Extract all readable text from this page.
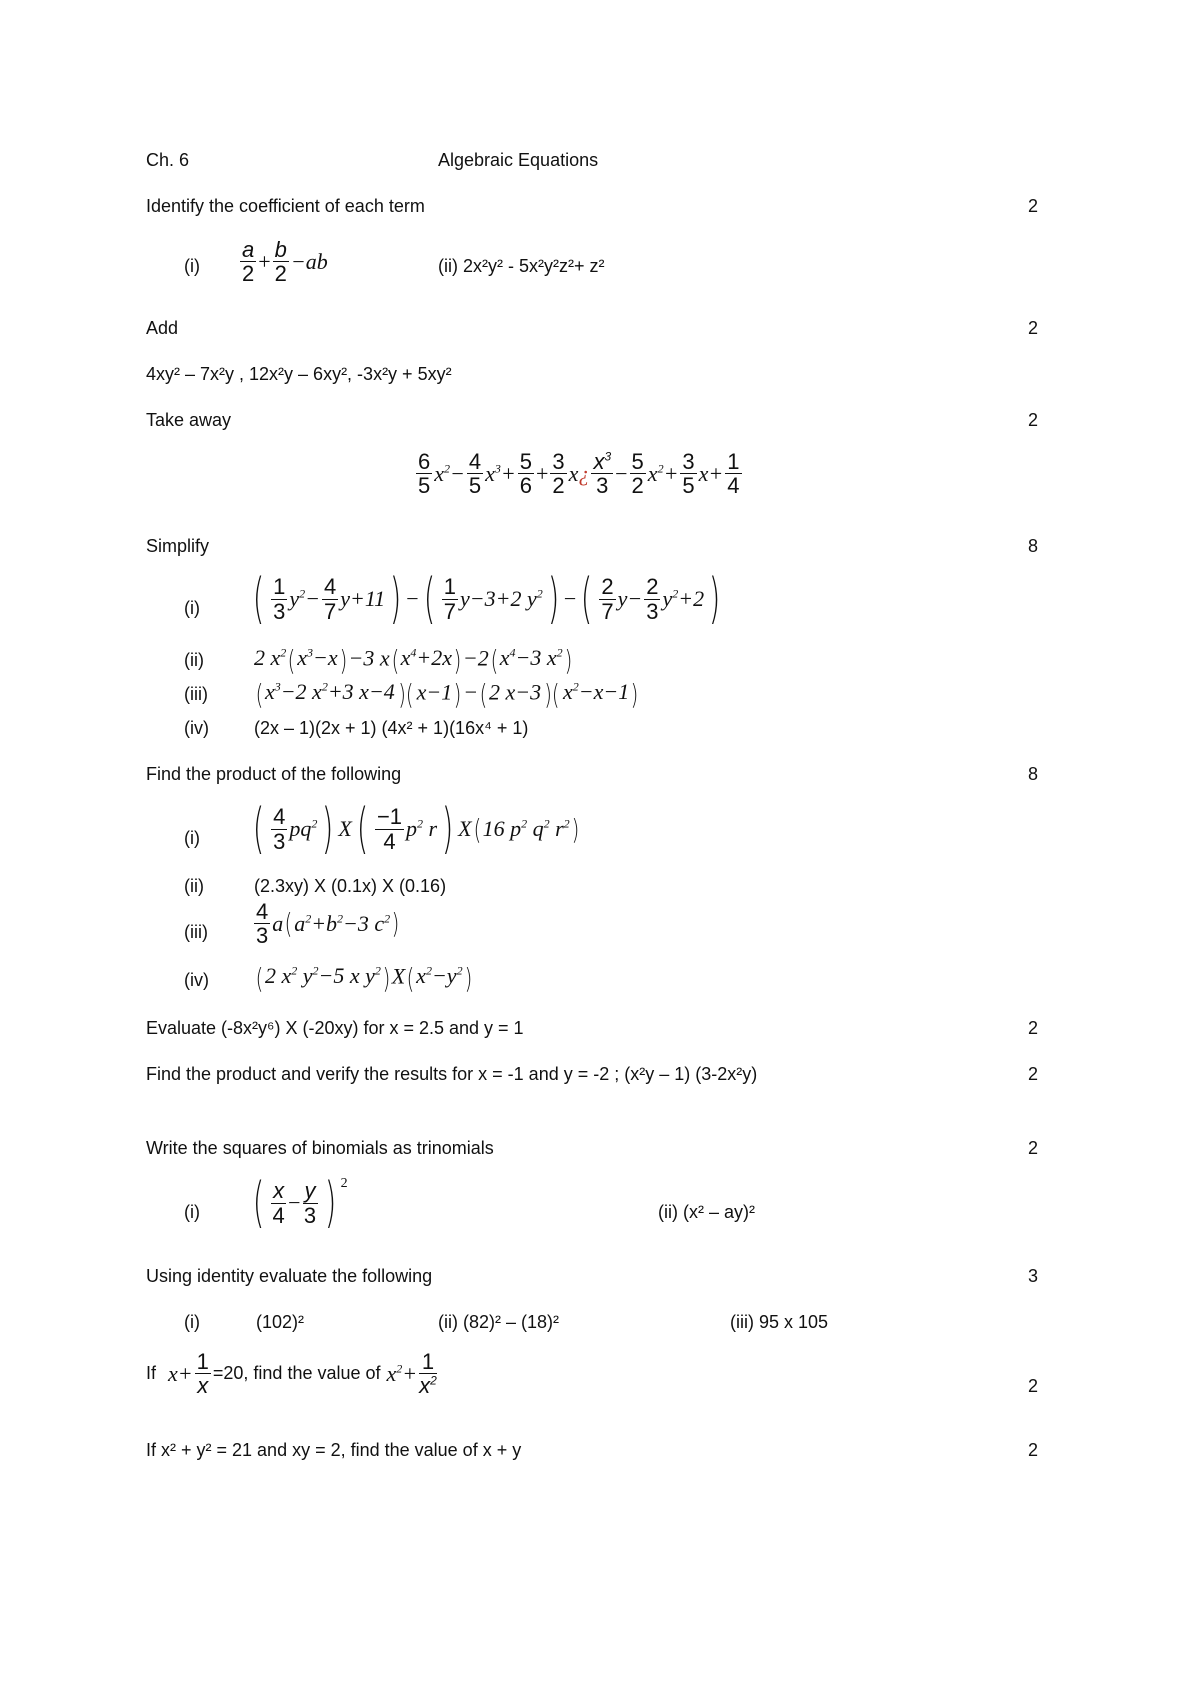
Ch. 6	Algebraic Equations
Identify the coefficient of each term	2
$(i) \frac{a}{2} + \frac{b}{2} -ab$	(ii) 2x²y² - 5x²y²z²+ z²
Add	2
4xy² – 7x²y , 12x²y – 6xy², -3x²y + 5xy²
Take away	2
$\frac{6}{5} x^2- \frac{4}{5} x^3+ \frac{5}{6} + \frac{3}{2}$ x ¿ $\frac{x^3}{3} - \frac{5}{2} x^2+ \frac{3}{5} x+ \frac{1}{4}$
Simplify	8
(i) ( $\frac{1}{3} y^2- \frac{4}{7} y+11$ ) − ( $\frac{1}{7} y-3+2$ $y^2$ ) − ( $\frac{2}{7} y- \frac{2}{3} y^2+2$ )
(ii) 2 $x^2(x^3-x)-3$ $x(x^4+2x)-2(x^4-3$ $x^2$)
(iii) ($x^3-2$ $x^2+3$ x−4 )( x−1)−(2 x−3 )( $x^2-x-1$)
(iv)	(2x – 1)(2x + 1) (4x² + 1)(16x⁴ + 1)
Find the product of the following	8
(i) ( $\frac{4}{3} pq^2$ ) X ( $\frac{-1}{4} p^2$ r ) X ( 16 $p^2$ $q^2$ $r^2$ )
(ii)	(2.3xy) X (0.1x) X (0.16)
$(iii) \frac{4}{3}$ a ( $a^2+b^2-3$ $c^2$ )
(iv) (2 $x^2$ $y^2-5$ x $y^2)X(x^2-y^2)$
Evaluate (-8x²y⁶) X (-20xy) for x = 2.5 and y = 1	2
Find the product and verify the results for x = -1 and y = -2 ; (x²y – 1) (3-2x²y)	2
Write the squares of binomials as trinomials	2
(i) ( $\frac{x}{4} - \frac{y}{3}$ ) 2
(ii) (x² – ay)²
Using identity evaluate the following	3
(i)	(102)²	(ii) (82)² – (18)²	(iii) 95 x 105
If $x+ \frac{1}{x} =20$, find the value of $x^2+ \frac{1}{x^2}$	2
If x² + y² = 21 and xy = 2, find the value of x + y	2
